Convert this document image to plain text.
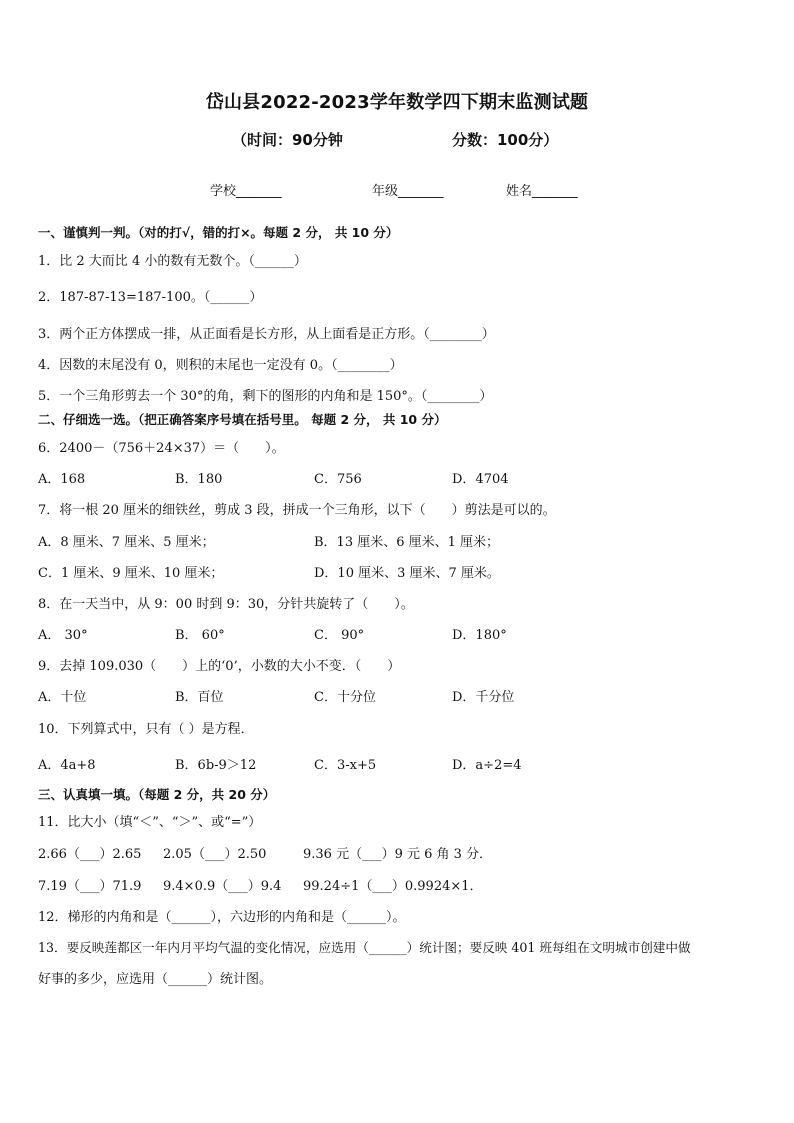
岱山县2022-2023学年数学四下期末监测试题
（时间：90分钟	分数：100分）
学校_______	年级_______	姓名_______
一、谨慎判一判。（对的打√，错的打×。每题 2 分， 共 10 分）
1．比 2 大而比 4 小的数有无数个。（______）
2．187-87-13=187-100。（______）
3．两个正方体摆成一排，从正面看是长方形，从上面看是正方形。（________）
4．因数的末尾没有 0，则积的末尾也一定没有 0。（________）
5．一个三角形剪去一个 30°的角，剩下的图形的内角和是 150°。（________）
二、仔细选一选。（把正确答案序号填在括号里。 每题 2 分， 共 10 分）
6．2400－（756＋24×37）＝（　　）。
A．168	B．180	C．756	D．4704
7．将一根 20 厘米的细铁丝，剪成 3 段，拼成一个三角形，以下（　　）剪法是可以的。
A．8 厘米、7 厘米、5 厘米；	B．13 厘米、6 厘米、1 厘米；
C．1 厘米、9 厘米、10 厘米；	D．10 厘米、3 厘米、7 厘米。
8．在一天当中，从 9：00 时到 9：30，分针共旋转了（　　）。
A． 30°	B． 60°	C． 90°	D．180°
9．去掉 109.030（　　）上的‘0’，小数的大小不变．（　　）
A．十位	B．百位	C．十分位	D．千分位
10．下列算式中，只有（ ）是方程．
A．4a+8	B．6b-9＞12	C．3-x+5	D．a÷2=4
三、认真填一填。（每题 2 分，共 20 分）
11．比大小（填“＜”、“＞”、或“=”）
2.66（___）2.65 2.05（___）2.50	9.36 元（___）9 元 6 角 3 分．
7.19（___）71.9 9.4×0.9（___）9.4 99.24÷1（___）0.9924×1．
12．梯形的内角和是（______），六边形的内角和是（______）。
13．要反映莲都区一年内月平均气温的变化情况，应选用（______）统计图；要反映 401 班每组在文明城市创建中做
好事的多少，应选用（______）统计图。
